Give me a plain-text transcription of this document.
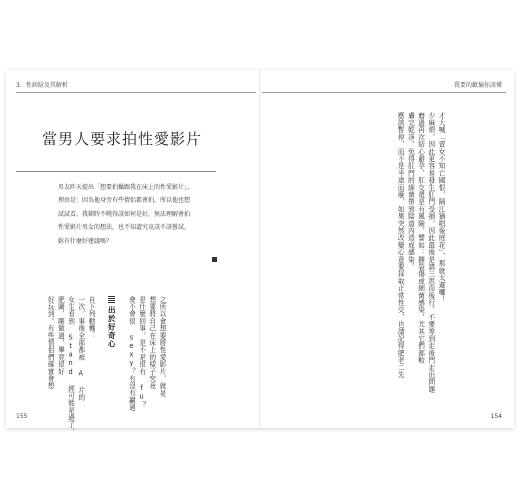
3．性糾紛及其解析	我要的歡愉你該懂
當男人要求拍性愛影片
男友昨天提出「想要拍攝跟我在床上的性愛影片」，
理由是：因為他身旁有些情侶都會拍，所以他也想
試試看。我頓時不曉得該如何是好，無法理解會拍
性愛影片男女的想法，也不知道究竟該不該嘗試，
妳有什麼好建議嗎？
之所以會想要將性愛影片，就是
想要將自己在床上的樣子究竟
是什麼回事，是不是很有 fu？
會不會很 sexy？有沒有贏過
出於好奇心
自下列動機：
一次，事後全部都被 A 片的
女生看到 Stand 經可能是過了，
肥圖，剛做過，畢竟很好
好玩到。有些情侶們確實會想
才大喊「賣女不知亡國恨，隔江猶唱後庭花」，那就太遲囉！
少麻煩，因此更容易發生肛門受損，因此最後是請三思而後行。不要等到走後門走出問題
磨過再次結心避孕，肛交還是有風險，譬如：撕裂傷或細菌感染，尤其它們都較
膚完乾淨，免得肛門的細菌帶到陰道內造成感染。
應該暫停，而不是半途而廢，如果突然改變心意要採取正常性交，也請記得肥老二先
155	154
